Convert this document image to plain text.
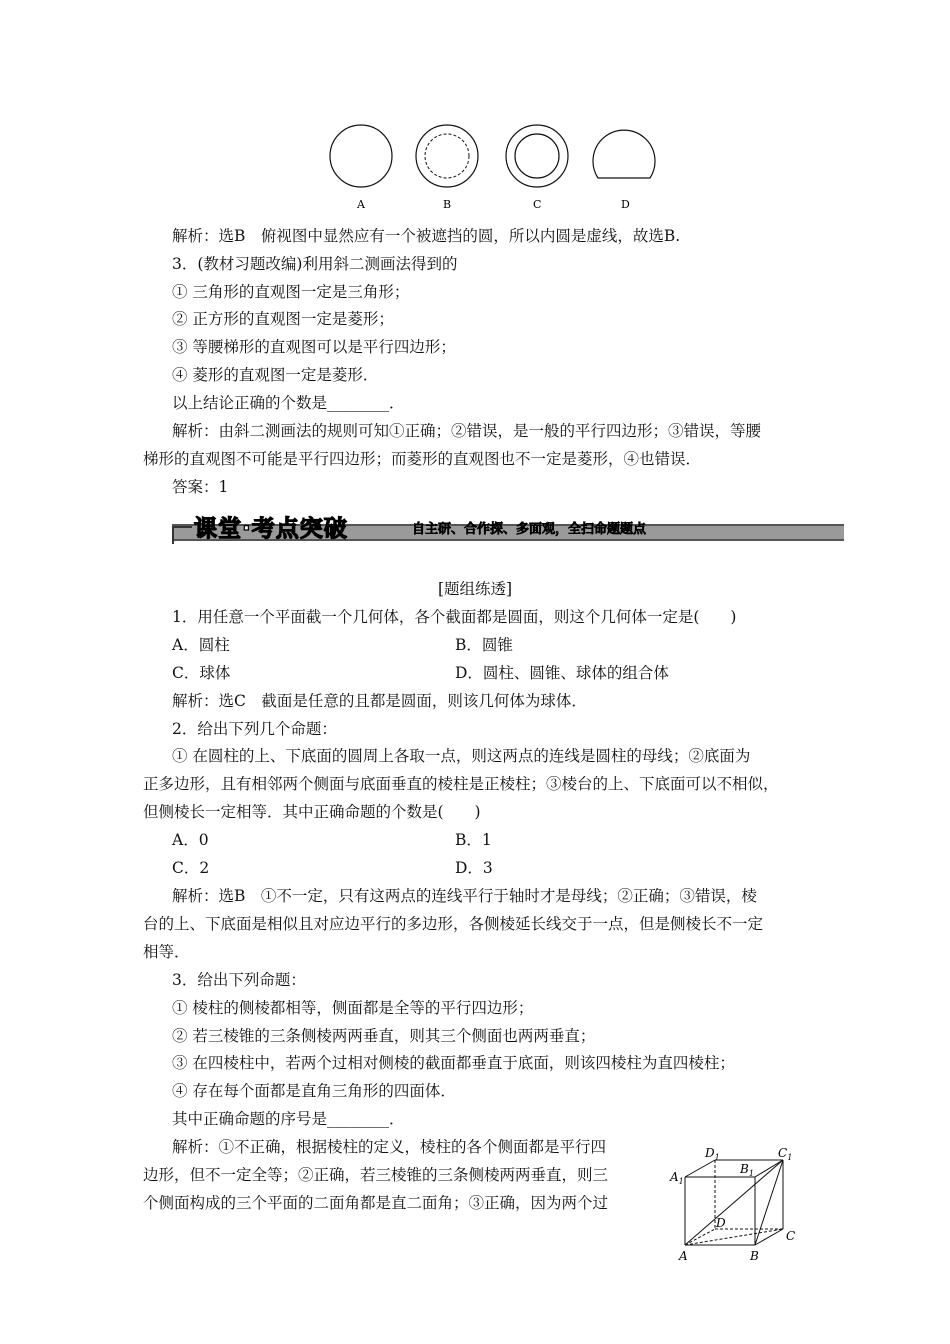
A	B	C	D
解析：选B　俯视图中显然应有一个被遮挡的圆，所以内圆是虚线，故选B.
3．(教材习题改编)利用斜二测画法得到的
① 三角形的直观图一定是三角形；
② 正方形的直观图一定是菱形；
③ 等腰梯形的直观图可以是平行四边形；
④ 菱形的直观图一定是菱形．
以上结论正确的个数是________．
解析：由斜二测画法的规则可知①正确；②错误，是一般的平行四边形；③错误，等腰
梯形的直观图不可能是平行四边形；而菱形的直观图也不一定是菱形，④也错误．
答案：1
课堂·考点突破	自主研、合作探、多面观，全扫命题题点
[题组练透]
1．用任意一个平面截一个几何体，各个截面都是圆面，则这个几何体一定是(　　)
A．圆柱	B．圆锥
C．球体	D．圆柱、圆锥、球体的组合体
解析：选C　截面是任意的且都是圆面，则该几何体为球体．
2．给出下列几个命题：
① 在圆柱的上、下底面的圆周上各取一点，则这两点的连线是圆柱的母线；②底面为
正多边形，且有相邻两个侧面与底面垂直的棱柱是正棱柱；③棱台的上、下底面可以不相似，
但侧棱长一定相等．其中正确命题的个数是(　　)
A．0	B．1
C．2	D．3
解析：选B　①不一定，只有这两点的连线平行于轴时才是母线；②正确；③错误，棱
台的上、下底面是相似且对应边平行的多边形，各侧棱延长线交于一点，但是侧棱长不一定
相等．
3．给出下列命题：
① 棱柱的侧棱都相等，侧面都是全等的平行四边形；
② 若三棱锥的三条侧棱两两垂直，则其三个侧面也两两垂直；
③ 在四棱柱中，若两个过相对侧棱的截面都垂直于底面，则该四棱柱为直四棱柱；
④ 存在每个面都是直角三角形的四面体．
其中正确命题的序号是________．
解析：①不正确，根据棱柱的定义，棱柱的各个侧面都是平行四
边形，但不一定全等；②正确，若三棱锥的三条侧棱两两垂直，则三
个侧面构成的三个平面的二面角都是直二面角；③正确，因为两个过
$A_1$
$B_1$
$C_1$
$D_1$
A	B
C
D
